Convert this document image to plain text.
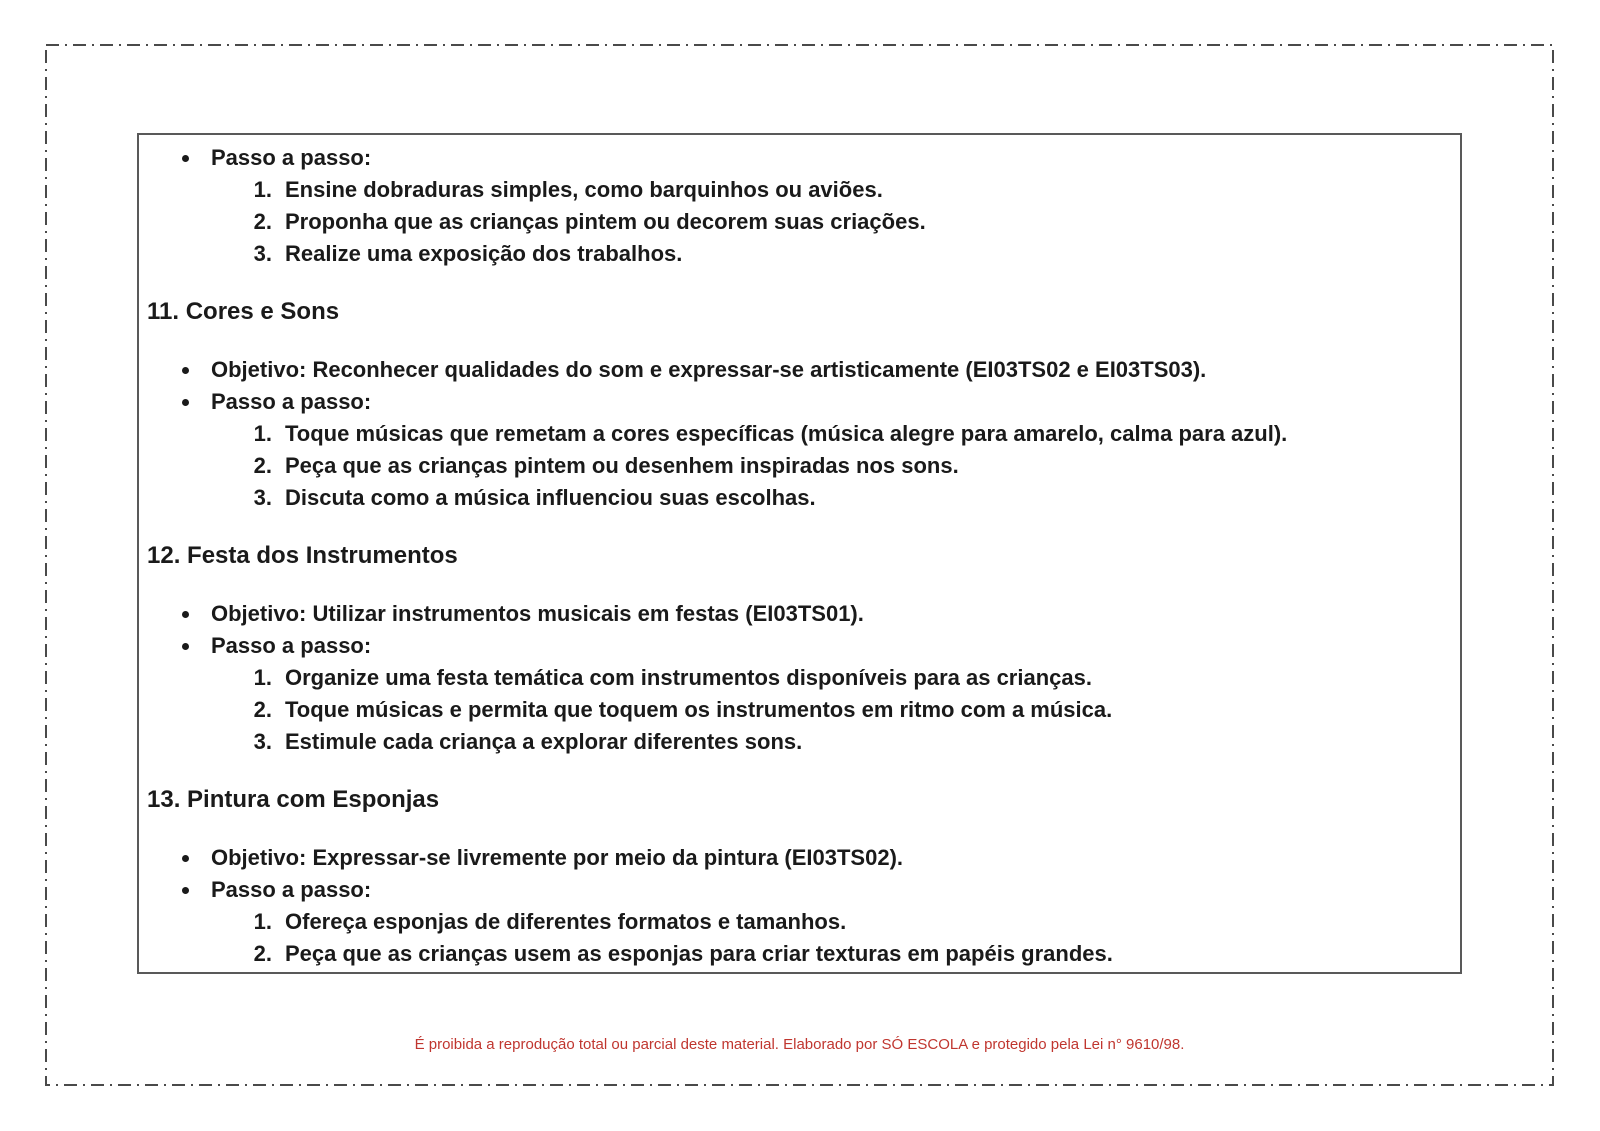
Passo a passo:
Ensine dobraduras simples, como barquinhos ou aviões.
Proponha que as crianças pintem ou decorem suas criações.
Realize uma exposição dos trabalhos.
11. Cores e Sons
Objetivo: Reconhecer qualidades do som e expressar-se artisticamente (EI03TS02 e EI03TS03).
Passo a passo:
Toque músicas que remetam a cores específicas (música alegre para amarelo, calma para azul).
Peça que as crianças pintem ou desenhem inspiradas nos sons.
Discuta como a música influenciou suas escolhas.
12. Festa dos Instrumentos
Objetivo: Utilizar instrumentos musicais em festas (EI03TS01).
Passo a passo:
Organize uma festa temática com instrumentos disponíveis para as crianças.
Toque músicas e permita que toquem os instrumentos em ritmo com a música.
Estimule cada criança a explorar diferentes sons.
13. Pintura com Esponjas
Objetivo: Expressar-se livremente por meio da pintura (EI03TS02).
Passo a passo:
Ofereça esponjas de diferentes formatos e tamanhos.
Peça que as crianças usem as esponjas para criar texturas em papéis grandes.
É proibida a reprodução total ou parcial deste material. Elaborado por SÓ ESCOLA e protegido pela Lei n° 9610/98.
